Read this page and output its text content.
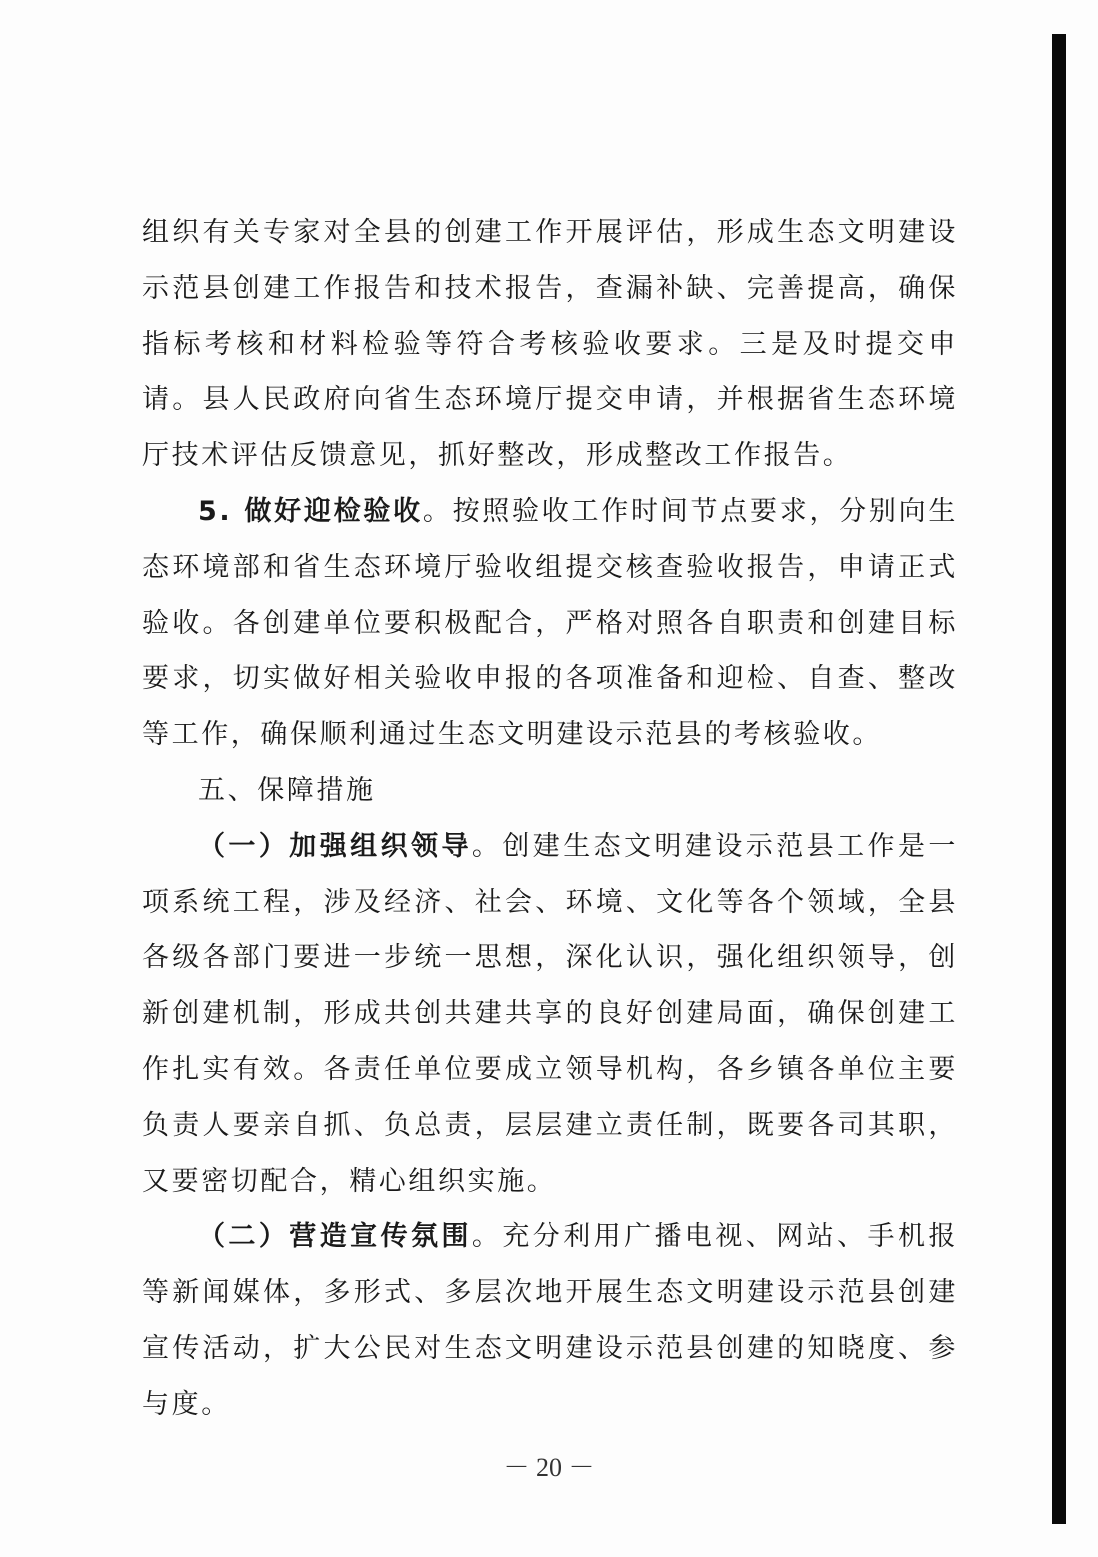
组织有关专家对全县的创建工作开展评估，形成生态文明建设示范县创建工作报告和技术报告，查漏补缺、完善提高，确保指标考核和材料检验等符合考核验收要求。三是及时提交申请。县人民政府向省生态环境厅提交申请，并根据省生态环境厅技术评估反馈意见，抓好整改，形成整改工作报告。

5. 做好迎检验收。按照验收工作时间节点要求，分别向生态环境部和省生态环境厅验收组提交核查验收报告，申请正式验收。各创建单位要积极配合，严格对照各自职责和创建目标要求，切实做好相关验收申报的各项准备和迎检、自查、整改等工作，确保顺利通过生态文明建设示范县的考核验收。

五、保障措施

（一）加强组织领导。创建生态文明建设示范县工作是一项系统工程，涉及经济、社会、环境、文化等各个领域，全县各级各部门要进一步统一思想，深化认识，强化组织领导，创新创建机制，形成共创共建共享的良好创建局面，确保创建工作扎实有效。各责任单位要成立领导机构，各乡镇各单位主要负责人要亲自抓、负总责，层层建立责任制，既要各司其职，又要密切配合，精心组织实施。

（二）营造宣传氛围。充分利用广播电视、网站、手机报等新闻媒体，多形式、多层次地开展生态文明建设示范县创建宣传活动，扩大公民对生态文明建设示范县创建的知晓度、参与度。

－ 20 －
